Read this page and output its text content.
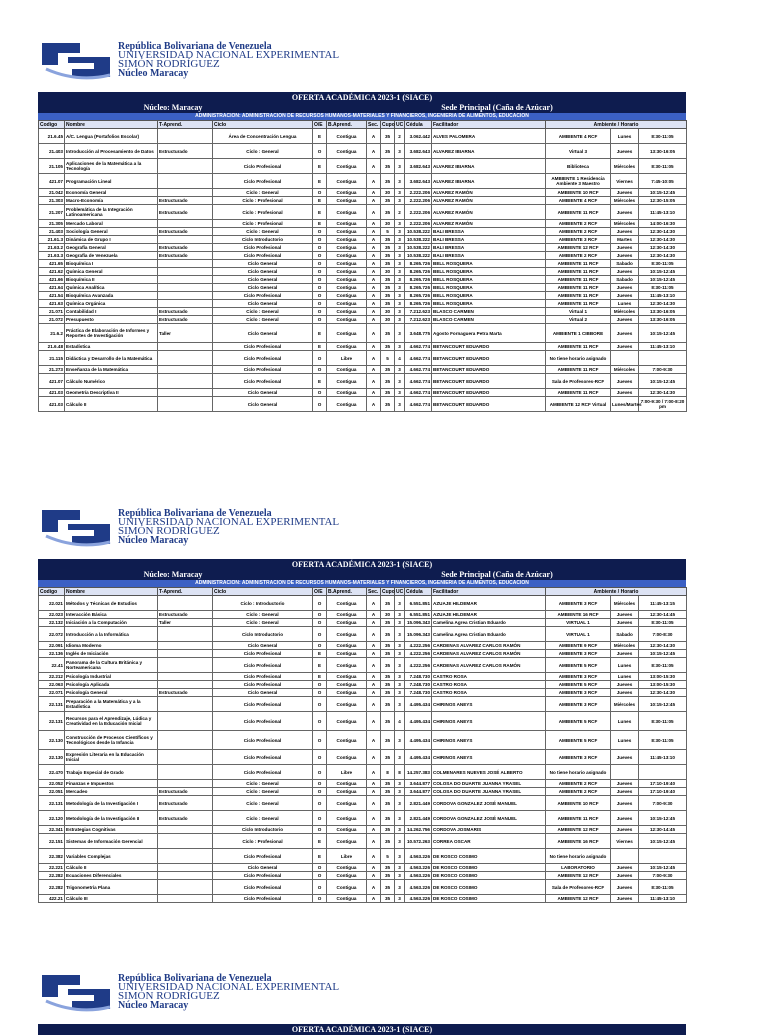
República Bolivariana de Venezuela
UNIVERSIDAD NACIONAL EXPERIMENTAL
SIMÓN RODRÍGUEZ
Núcleo Maracay
OFERTA ACADÉMICA 2023-1 (SIACE)
Núcleo: Maracay	Sede Principal (Caña de Azúcar)
ADMINISTRACION: ADMINISTRACION DE RECURSOS HUMANOS-MATERIALES Y FINANCIEROS, INGENIERIA DE ALIMENTOS, EDUCACION
Codigo	Nombre	T-Aprend.	Ciclo	O/E	B.Aprend.	Sec.	Cupo	UC	Cédula	Facilitador	Ambiente / Horario		
21.6.45	A/C. Lengua (Portafolios Escolar)		Área de Concentración Lengua	E	Contigua	A	35	2	3.062.442	ALVES PALOMERA	AMBIENTE 4 RCF	Lunes	8:30-11:05
21.403	Introducción al Procesamiento de Datos	Estructurado	Ciclo : General	O	Contigua	A	35	3	3.682.643	ALVAREZ IBIARNA	Virtual 3	Jueves	13:30-16:05
21.105	Aplicaciones de la Matemática a la Tecnología		Ciclo Profesional	E	Contigua	A	35	3	3.682.643	ALVAREZ IBIARNA	Biblioteca	Miércoles	8:30-11:05
421.07	Programación Lineal		Ciclo Profesional	E	Contigua	A	35	3	3.682.643	ALVAREZ IBIARNA	AMBIENTE 1 Residencia Ambiente 3 Maestro	Viernes	7:45-10:05
21.042	Economía General		Ciclo : General	O	Contigua	A	30	3	2.222.206	ALVAREZ RAMÓN	AMBIENTE 10 RCF	Jueves	10:15-12:45
21.303	Macro-Economía	Estructurado	Ciclo : Profesional	E	Contigua	A	35	3	2.222.206	ALVAREZ RAMÓN	AMBIENTE 4 RCF	Miércoles	12:30-15:05
21.207	Problemática de la Integración Latinoamericana	Estructurado	Ciclo : Profesional	E	Contigua	A	35	2	2.222.206	ALVAREZ RAMÓN	AMBIENTE 11 RCF	Jueves	11:45-13:10
21.305	Mercado Laboral		Ciclo : Profesional	E	Contigua	A	30	3	2.222.206	ALVAREZ RAMÓN	AMBIENTE 2 RCF	Miércoles	14:00-16:30
21.403	Sociología General	Estructurado	Ciclo : General	O	Contigua	A	5	3	10.538.222	BALI BRESSA	AMBIENTE 2 RCF	Jueves	12:30-14:30
21.61.3	Dinámica de Grupo I		Ciclo Introductorio	O	Contigua	A	35	3	10.538.222	BALI BRESSA	AMBIENTE 3 RCF	Martes	12:30-14:30
21.63.2	Geografía General	Estructurado	Ciclo Profesional	O	Contigua	A	35	3	10.538.222	BALI BRESSA	AMBIENTE 12 RCF	Jueves	12:30-14:30
21.63.3	Geografía de Venezuela	Estructurado	Ciclo Profesional	O	Contigua	A	35	3	10.538.222	BALI BRESSA	AMBIENTE 2 RCF	Jueves	12:30-14:30
421.65	Bioquímica I		Ciclo General	O	Contigua	A	35	3	8.265.726	BELL ROSQUERA	AMBIENTE 11 RCF	Sabado	8:30-11:05
421.62	Química General		Ciclo General	O	Contigua	A	30	3	8.265.726	BELL ROSQUERA	AMBIENTE 11 RCF	Jueves	10:15-12:45
421.66	Bioquímica II		Ciclo General	O	Contigua	A	35	3	8.265.726	BELL ROSQUERA	AMBIENTE 11 RCF	Sabado	10:15-12:45
421.64	Química Analítica		Ciclo General	O	Contigua	A	35	3	8.265.726	BELL ROSQUERA	AMBIENTE 11 RCF	Jueves	8:30-11:05
421.54	Bioquímica Avanzada		Ciclo Profesional	O	Contigua	A	35	3	8.265.726	BELL ROSQUERA	AMBIENTE 11 RCF	Jueves	11:45-13:10
421.63	Química Orgánica		Ciclo General	O	Contigua	A	35	3	8.265.726	BELL ROSQUERA	AMBIENTE 11 RCF	Lunes	12:30-14:30
21.071	Contabilidad I	Estructurado	Ciclo : General	O	Contigua	A	30	3	7.212.623	BLASCO CARMEN	Virtual 1	Miércoles	13:30-16:05
21.072	Presupuesto	Estructurado	Ciclo : General	O	Contigua	A	30	3	7.212.623	BLASCO CARMEN	Virtual 2	Jueves	13:30-16:05
21.6.2	Práctica de Elaboración de Informes y Reportes de Investigación	Taller	Ciclo General	E	Contigua	A	35	3	3.648.775	Agosto Fornaguera Petra Marta	AMBIENTE 1 CIBBORE	Jueves	10:15-12:45
21.6.48	Estadística		Ciclo Profesional	E	Contigua	A	35	3	4.662.774	BETANCOURT EDUARDO	AMBIENTE 11 RCF	Jueves	11:45-13:10
21.115	Didáctica y Desarrollo de la Matemática		Ciclo Profesional	O	Libre	A	5	4	4.662.774	BETANCOURT EDUARDO	No tiene horario asignado		
21.273	Enseñanza de la Matemática		Ciclo Profesional	O	Contigua	A	35	3	4.662.774	BETANCOURT EDUARDO	AMBIENTE 11 RCF	Miércoles	7:00-9:30
421.07	Cálculo Numérico		Ciclo Profesional	E	Contigua	A	35	3	4.662.774	BETANCOURT EDUARDO	Sala de Profesores-RCF	Jueves	10:15-12:45
421.03	Geometría Descriptiva II		Ciclo General	O	Contigua	A	35	3	4.662.774	BETANCOURT EDUARDO	AMBIENTE 11 RCF	Jueves	12:30-14:30
421.03	Cálculo II		Ciclo General	O	Contigua	A	35	3	4.662.774	BETANCOURT EDUARDO	AMBIENTE 12 RCF Virtual	Lunes/Martes	7:00-9:30 / 7:00-8:20 pm
República Bolivariana de Venezuela
UNIVERSIDAD NACIONAL EXPERIMENTAL
SIMÓN RODRÍGUEZ
Núcleo Maracay
OFERTA ACADÉMICA 2023-1 (SIACE)
Núcleo: Maracay	Sede Principal (Caña de Azúcar)
ADMINISTRACION: ADMINISTRACION DE RECURSOS HUMANOS-MATERIALES Y FINANCIEROS, INGENIERIA DE ALIMENTOS, EDUCACION
Codigo	Nombre	T-Aprend.	Ciclo	O/E	B.Aprend.	Sec.	Cupo	UC	Cédula	Facilitador	Ambiente / Horario		
22.021	Métodos y Técnicas de Estudios		Ciclo : Introductorio	O	Contigua	A	35	3	6.551.851	AZUAJE HILDEMAR	AMBIENTE 3 RCF	Miércoles	11:45-13:15
22.023	Interacción Básica	Estructurado	Ciclo : General	O	Contigua	A	30	3	6.551.851	AZUAJE HILDEMAR	AMBIENTE 16 RCF	Jueves	12:30-14:45
22.132	Iniciación a la Computación	Taller	Ciclo : General	O	Contigua	A	35	3	15.096.343	Camelina Agrea Cristian Eduardo	VIRTUAL 1	Jueves	8:30-11:05
22.072	Introducción a la Informática		Ciclo Introductorio	O	Contigua	A	35	3	15.096.343	Camelina Agrea Cristian Eduardo	VIRTUAL 1	Sabado	7:00-8:30
22.091	Idioma Moderno		Ciclo General	O	Contigua	A	35	3	4.222.256	CARDENAS ALVAREZ CARLOS RAMÓN	AMBIENTE 9 RCF	Miércoles	12:30-14:30
22.136	Inglés de Iniciación		Ciclo Profesional	E	Contigua	A	35	3	4.222.256	CARDENAS ALVAREZ CARLOS RAMÓN	AMBIENTE 3 RCF	Jueves	10:15-12:45
22.41	Panorama de la Cultura Británica y Norteamericana		Ciclo Profesional	E	Contigua	A	35	3	4.222.256	CARDENAS ALVAREZ CARLOS RAMÓN	AMBIENTE 5 RCF	Lunes	8:30-11:05
22.212	Psicología Industrial		Ciclo Profesional	E	Contigua	A	35	3	7.248.730	CASTRO ROSA	AMBIENTE 3 RCF	Lunes	13:00-15:30
22.063	Psicología Aplicada		Ciclo Profesional	O	Contigua	A	35	3	7.248.730	CASTRO ROSA	AMBIENTE 5 RCF	Jueves	13:00-15:30
22.071	Psicología General	Estructurado	Ciclo General	O	Contigua	A	35	3	7.248.730	CASTRO ROSA	AMBIENTE 3 RCF	Jueves	12:30-14:30
22.131	Preparación a la Matemática y a la Estadística		Ciclo Profesional	O	Contigua	A	35	3	4.495.434	CHIRINOS ANEYS	AMBIENTE 3 RCF	Miércoles	10:15-12:45
22.131	Recursos para el Aprendizaje, Lúdica y Creatividad en la Educación Inicial		Ciclo Profesional	O	Contigua	A	35	4	4.495.434	CHIRINOS ANEYS	AMBIENTE 5 RCF	Lunes	8:30-11:05
22.130	Construcción de Procesos Científicos y Tecnológicos desde la Infancia		Ciclo Profesional	O	Contigua	A	35	3	4.495.434	CHIRINOS ANEYS	AMBIENTE 5 RCF	Lunes	8:30-11:05
22.130	Expresión Literaria en la Educación Inicial		Ciclo Profesional	O	Contigua	A	35	3	4.495.434	CHIRINOS ANEYS	AMBIENTE 3 RCF	Jueves	11:45-13:10
22.470	Trabajo Especial de Grado		Ciclo Profesional	O	Libre	A	8	8	14.257.383	COLMENARES NUEVES JOSÉ ALBERTO	No tiene horario asignado		
22.052	Finanzas e Impuestos		Ciclo : General	O	Contigua	A	35	3	3.644.877	COLOSA DO DUARTE JUANNA YRASEL	AMBIENTE 2 RCF	Jueves	17:10-19:40
22.051	Mercadeo	Estructurado	Ciclo : General	O	Contigua	A	35	3	3.644.877	COLOSA DO DUARTE JUANNA YRASEL	AMBIENTE 2 RCF	Jueves	17:10-19:40
22.131	Metodología de la Investigación I	Estructurado	Ciclo : General	O	Contigua	A	35	3	2.821.449	CORDOVA GONZALEZ JOSÉ MANUEL	AMBIENTE 10 RCF	Jueves	7:00-9:30
22.120	Metodología de la Investigación II	Estructurado	Ciclo : General	O	Contigua	A	35	3	2.821.449	CORDOVA GONZALEZ JOSÉ MANUEL	AMBIENTE 11 RCF	Jueves	10:15-12:45
22.341	Estrategias Cognitivas		Ciclo Introductorio	O	Contigua	A	35	3	14.262.756	CORDOVA JOSMARIS	AMBIENTE 12 RCF	Jueves	12:30-14:45
22.151	Sistemas de Información Gerencial		Ciclo : Profesional	E	Contigua	A	35	3	10.572.263	CORREA OSCAR	AMBIENTE 16 RCF	Viernes	10:15-12:45
22.382	Variables Complejas		Ciclo Profesional	E	Libre	A	5	3	4.563.226	DE ROSCO COSIMO	No tiene horario asignado		
22.221	Cálculo II		Ciclo General	O	Contigua	A	35	3	4.563.226	DE ROSCO COSIMO	LABORATORIO	Jueves	10:15-12:45
22.282	Ecuaciones Diferenciales		Ciclo Profesional	O	Contigua	A	35	3	4.563.226	DE ROSCO COSIMO	AMBIENTE 12 RCF	Jueves	7:00-9:30
22.282	Trigonometría Plana		Ciclo Profesional	O	Contigua	A	35	3	4.563.226	DE ROSCO COSIMO	Sala de Profesores-RCF	Jueves	8:30-11:05
422.21	Cálculo III		Ciclo Profesional	O	Contigua	A	35	3	4.563.226	DE ROSCO COSIMO	AMBIENTE 12 RCF	Jueves	11:45-13:10
República Bolivariana de Venezuela
UNIVERSIDAD NACIONAL EXPERIMENTAL
SIMÓN RODRÍGUEZ
Núcleo Maracay
OFERTA ACADÉMICA 2023-1 (SIACE)
